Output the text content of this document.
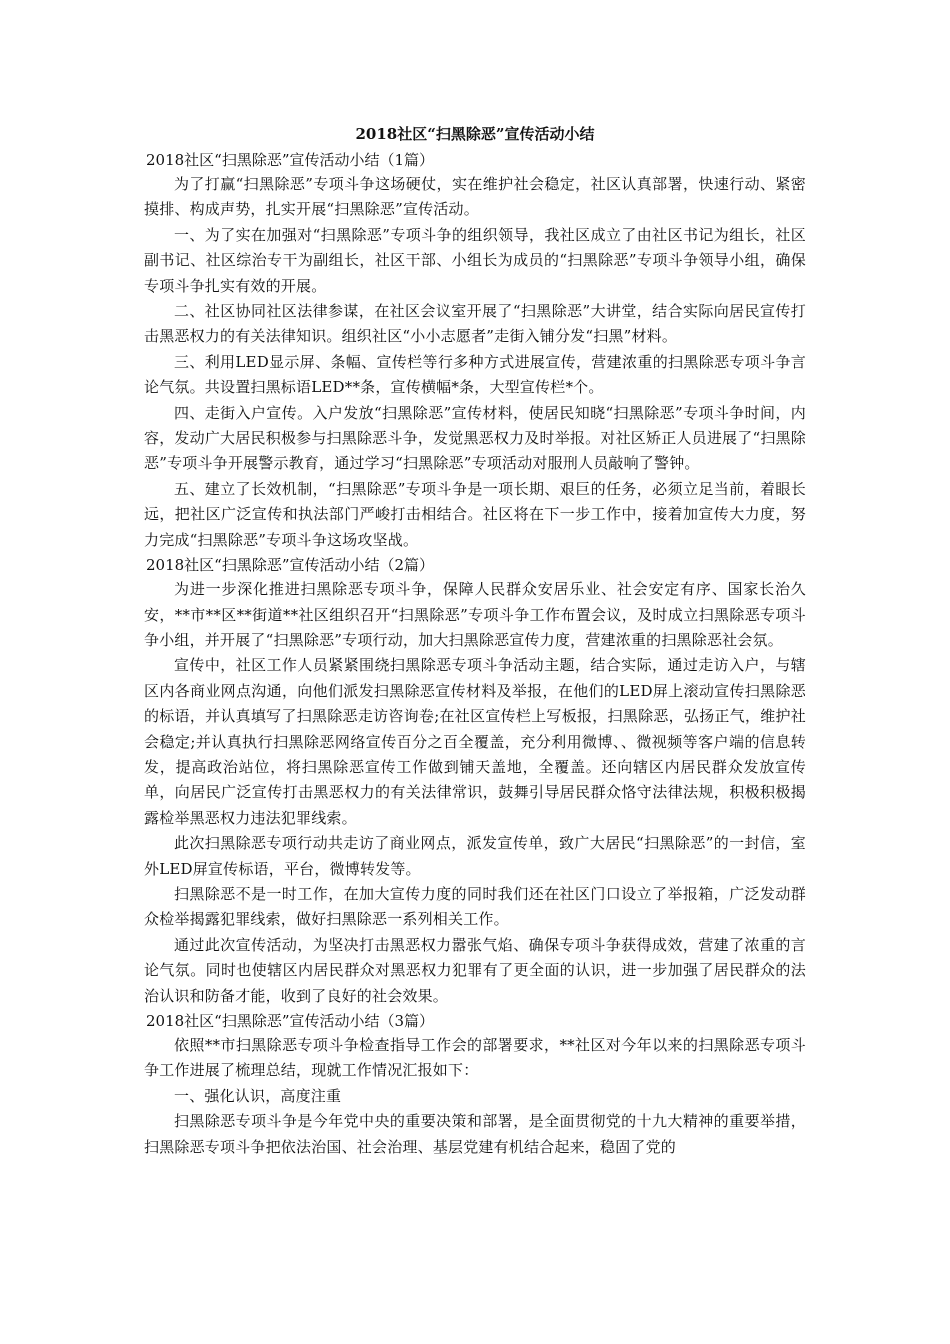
2018社区“扫黑除恶”宣传活动小结

2018社区“扫黑除恶”宣传活动小结（1篇）

为了打赢“扫黑除恶”专项斗争这场硬仗，实在维护社会稳定，社区认真部署，快速行动、紧密摸排、构成声势，扎实开展“扫黑除恶”宣传活动。

一、为了实在加强对“扫黑除恶”专项斗争的组织领导，我社区成立了由社区书记为组长，社区副书记、社区综治专干为副组长，社区干部、小组长为成员的“扫黑除恶”专项斗争领导小组，确保专项斗争扎实有效的开展。

二、社区协同社区法律参谋，在社区会议室开展了“扫黑除恶”大讲堂，结合实际向居民宣传打击黑恶权力的有关法律知识。组织社区“小小志愿者”走街入铺分发“扫黑”材料。

三、利用LED显示屏、条幅、宣传栏等行多种方式进展宣传，营建浓重的扫黑除恶专项斗争言论气氛。共设置扫黑标语LED**条，宣传横幅*条，大型宣传栏*个。

四、走街入户宣传。入户发放“扫黑除恶”宣传材料，使居民知晓“扫黑除恶”专项斗争时间，内容，发动广大居民积极参与扫黑除恶斗争，发觉黑恶权力及时举报。对社区矫正人员进展了“扫黑除恶”专项斗争开展警示教育，通过学习“扫黑除恶”专项活动对服刑人员敲响了警钟。

五、建立了长效机制，“扫黑除恶”专项斗争是一项长期、艰巨的任务，必须立足当前，着眼长远，把社区广泛宣传和执法部门严峻打击相结合。社区将在下一步工作中，接着加宣传大力度，努力完成“扫黑除恶”专项斗争这场攻坚战。

2018社区“扫黑除恶”宣传活动小结（2篇）

为进一步深化推进扫黑除恶专项斗争，保障人民群众安居乐业、社会安定有序、国家长治久安，**市**区**街道**社区组织召开“扫黑除恶”专项斗争工作布置会议，及时成立扫黑除恶专项斗争小组，并开展了“扫黑除恶”专项行动，加大扫黑除恶宣传力度，营建浓重的扫黑除恶社会氛。

宣传中，社区工作人员紧紧围绕扫黑除恶专项斗争活动主题，结合实际，通过走访入户，与辖区内各商业网点沟通，向他们派发扫黑除恶宣传材料及举报，在他们的LED屏上滚动宣传扫黑除恶的标语，并认真填写了扫黑除恶走访咨询卷;在社区宣传栏上写板报，扫黑除恶，弘扬正气，维护社会稳定;并认真执行扫黑除恶网络宣传百分之百全覆盖，充分利用微博、、微视频等客户端的信息转发，提高政治站位，将扫黑除恶宣传工作做到铺天盖地，全覆盖。还向辖区内居民群众发放宣传单，向居民广泛宣传打击黑恶权力的有关法律常识，鼓舞引导居民群众恪守法律法规，积极积极揭露检举黑恶权力违法犯罪线索。

此次扫黑除恶专项行动共走访了商业网点，派发宣传单，致广大居民“扫黑除恶”的一封信，室外LED屏宣传标语，平台，微博转发等。

扫黑除恶不是一时工作，在加大宣传力度的同时我们还在社区门口设立了举报箱，广泛发动群众检举揭露犯罪线索，做好扫黑除恶一系列相关工作。

通过此次宣传活动，为坚决打击黑恶权力嚣张气焰、确保专项斗争获得成效，营建了浓重的言论气氛。同时也使辖区内居民群众对黑恶权力犯罪有了更全面的认识，进一步加强了居民群众的法治认识和防备才能，收到了良好的社会效果。

2018社区“扫黑除恶”宣传活动小结（3篇）

依照**市扫黑除恶专项斗争检查指导工作会的部署要求，**社区对今年以来的扫黑除恶专项斗争工作进展了梳理总结，现就工作情况汇报如下：

一、强化认识，高度注重

扫黑除恶专项斗争是今年党中央的重要决策和部署，是全面贯彻党的十九大精神的重要举措，扫黑除恶专项斗争把依法治国、社会治理、基层党建有机结合起来，稳固了党的
